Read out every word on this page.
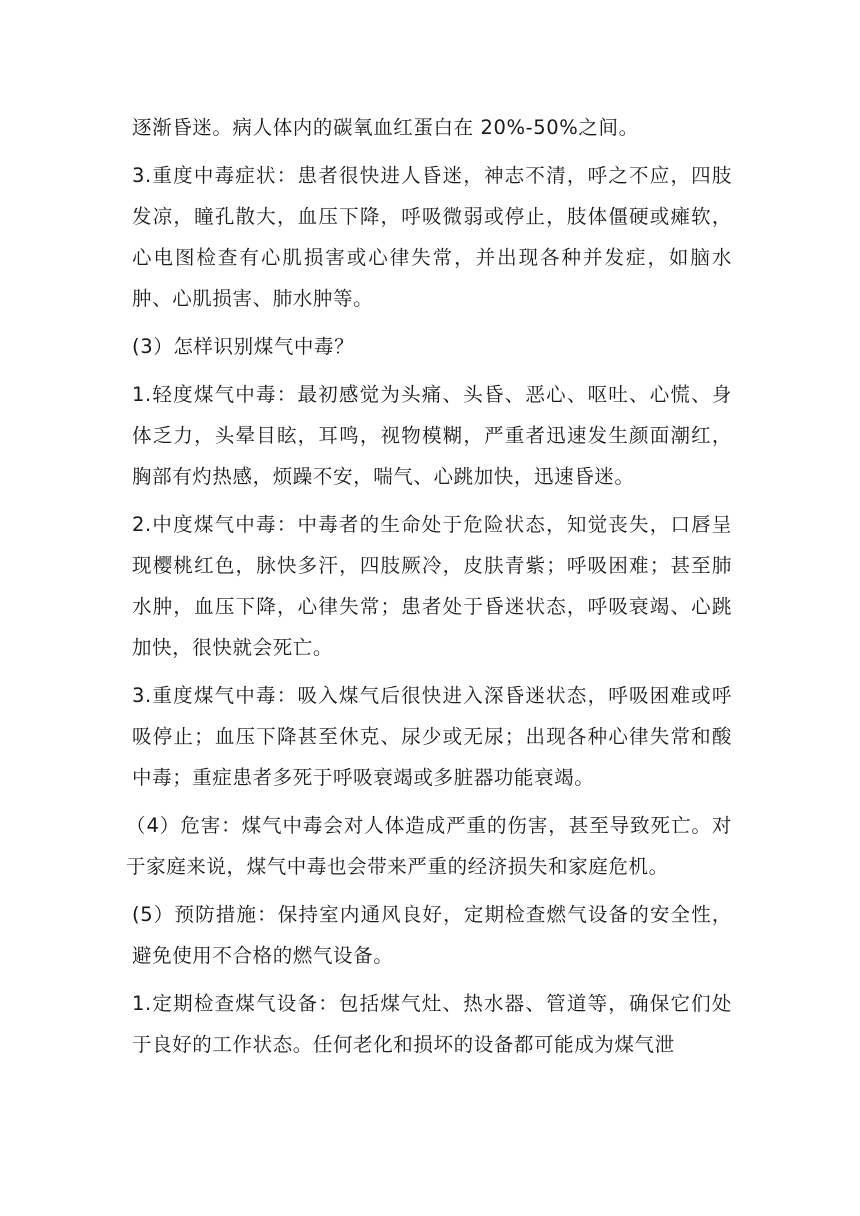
逐渐昏迷。病人体内的碳氧血红蛋白在 20%-50%之间。

3.重度中毒症状：患者很快进人昏迷，神志不清，呼之不应，四肢发凉，瞳孔散大，血压下降，呼吸微弱或停止，肢体僵硬或瘫软，心电图检查有心肌损害或心律失常，并出现各种并发症，如脑水肿、心肌损害、肺水肿等。

(3）怎样识别煤气中毒？

1.轻度煤气中毒：最初感觉为头痛、头昏、恶心、呕吐、心慌、身体乏力，头晕目眩，耳鸣，视物模糊，严重者迅速发生颜面潮红，胸部有灼热感，烦躁不安，喘气、心跳加快，迅速昏迷。

2.中度煤气中毒：中毒者的生命处于危险状态，知觉丧失，口唇呈现樱桃红色，脉快多汗，四肢厥冷，皮肤青紫；呼吸困难；甚至肺水肿，血压下降，心律失常；患者处于昏迷状态，呼吸衰竭、心跳加快，很快就会死亡。

3.重度煤气中毒：吸入煤气后很快进入深昏迷状态，呼吸困难或呼吸停止；血压下降甚至休克、尿少或无尿；出现各种心律失常和酸中毒；重症患者多死于呼吸衰竭或多脏器功能衰竭。

（4）危害：煤气中毒会对人体造成严重的伤害，甚至导致死亡。对于家庭来说，煤气中毒也会带来严重的经济损失和家庭危机。

(5）预防措施：保持室内通风良好，定期检查燃气设备的安全性，避免使用不合格的燃气设备。

1.定期检查煤气设备：包括煤气灶、热水器、管道等，确保它们处于良好的工作状态。任何老化和损坏的设备都可能成为煤气泄
